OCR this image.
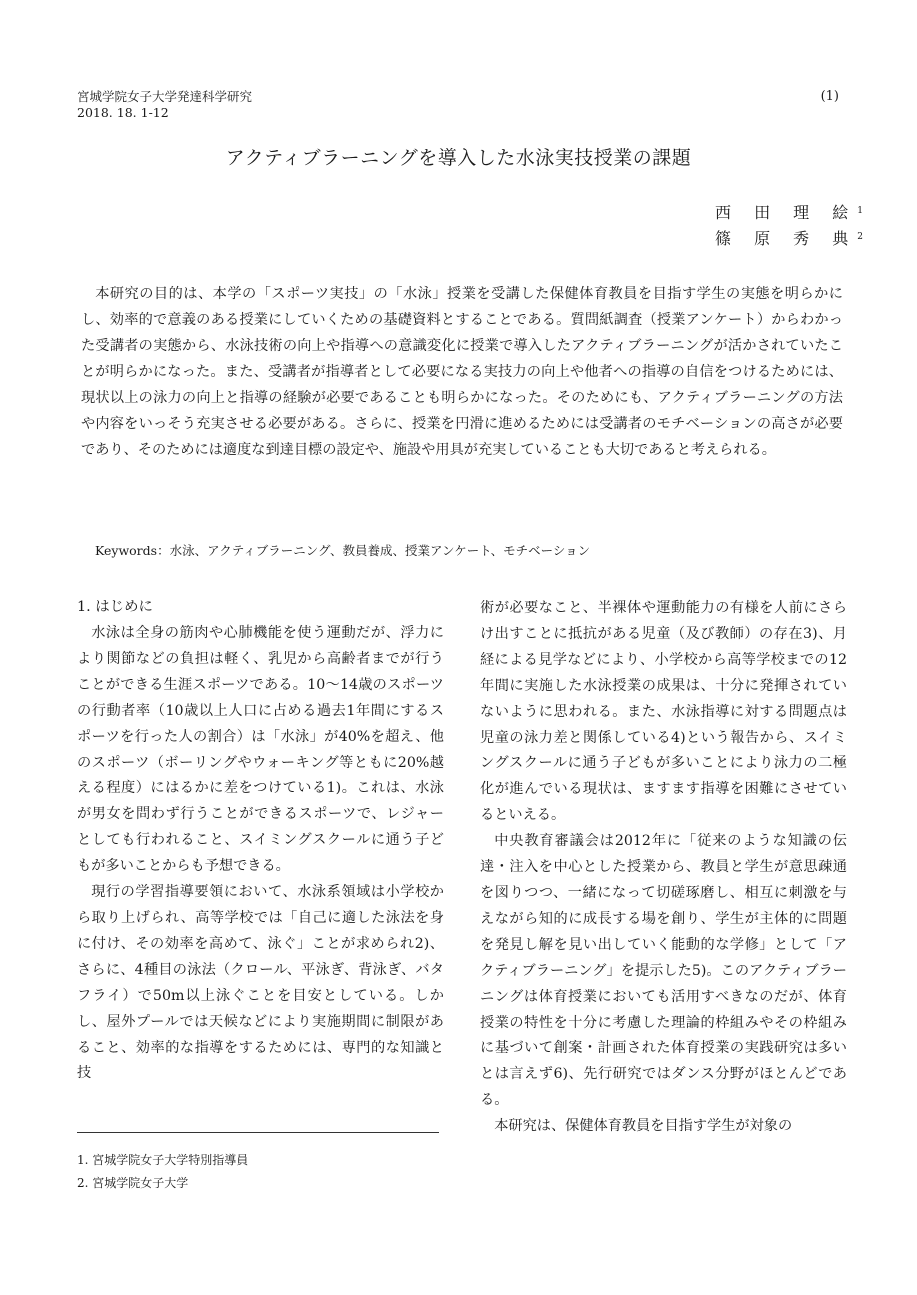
宮城学院女子大学発達科学研究
2018. 18. 1-12
(1)
アクティブラーニングを導入した水泳実技授業の課題
西 田 理 絵$^1$
篠 原 秀 典$^2$
本研究の目的は、本学の「スポーツ実技」の「水泳」授業を受講した保健体育教員を目指す学生の実態を明らかにし、効率的で意義のある授業にしていくための基礎資料とすることである。質問紙調査（授業アンケート）からわかった受講者の実態から、水泳技術の向上や指導への意識変化に授業で導入したアクティブラーニングが活かされていたことが明らかになった。また、受講者が指導者として必要になる実技力の向上や他者への指導の自信をつけるためには、現状以上の泳力の向上と指導の経験が必要であることも明らかになった。そのためにも、アクティブラーニングの方法や内容をいっそう充実させる必要がある。さらに、授業を円滑に進めるためには受講者のモチベーションの高さが必要であり、そのためには適度な到達目標の設定や、施設や用具が充実していることも大切であると考えられる。
Keywords：水泳、アクティブラーニング、教員養成、授業アンケート、モチベーション
1. はじめに

水泳は全身の筋肉や心肺機能を使う運動だが、浮力により関節などの負担は軽く、乳児から高齢者までが行うことができる生涯スポーツである。10～14歳のスポーツの行動者率（10歳以上人口に占める過去1年間にするスポーツを行った人の割合）は「水泳」が40%を超え、他のスポーツ（ボーリングやウォーキング等ともに20%越える程度）にはるかに差をつけている1)。これは、水泳が男女を問わず行うことができるスポーツで、レジャーとしても行われること、スイミングスクールに通う子どもが多いことからも予想できる。

現行の学習指導要領において、水泳系領域は小学校から取り上げられ、高等学校では「自己に適した泳法を身に付け、その効率を高めて、泳ぐ」ことが求められ2)、さらに、4種目の泳法（クロール、平泳ぎ、背泳ぎ、バタフライ）で50m以上泳ぐことを目安としている。しかし、屋外プールでは天候などにより実施期間に制限があること、効率的な指導をするためには、専門的な知識と技

術が必要なこと、半裸体や運動能力の有様を人前にさらけ出すことに抵抗がある児童（及び教師）の存在3)、月経による見学などにより、小学校から高等学校までの12年間に実施した水泳授業の成果は、十分に発揮されていないように思われる。また、水泳指導に対する問題点は児童の泳力差と関係している4)という報告から、スイミングスクールに通う子どもが多いことにより泳力の二極化が進んでいる現状は、ますます指導を困難にさせているといえる。

中央教育審議会は2012年に「従来のような知識の伝達・注入を中心とした授業から、教員と学生が意思疎通を図りつつ、一緒になって切磋琢磨し、相互に刺激を与えながら知的に成長する場を創り、学生が主体的に問題を発見し解を見い出していく能動的な学修」として「アクティブラーニング」を提示した5)。このアクティブラーニングは体育授業においても活用すべきなのだが、体育授業の特性を十分に考慮した理論的枠組みやその枠組みに基づいて創案・計画された体育授業の実践研究は多いとは言えず6)、先行研究ではダンス分野がほとんどである。

本研究は、保健体育教員を目指す学生が対象の

1. 宮城学院女子大学特別指導員
2. 宮城学院女子大学
